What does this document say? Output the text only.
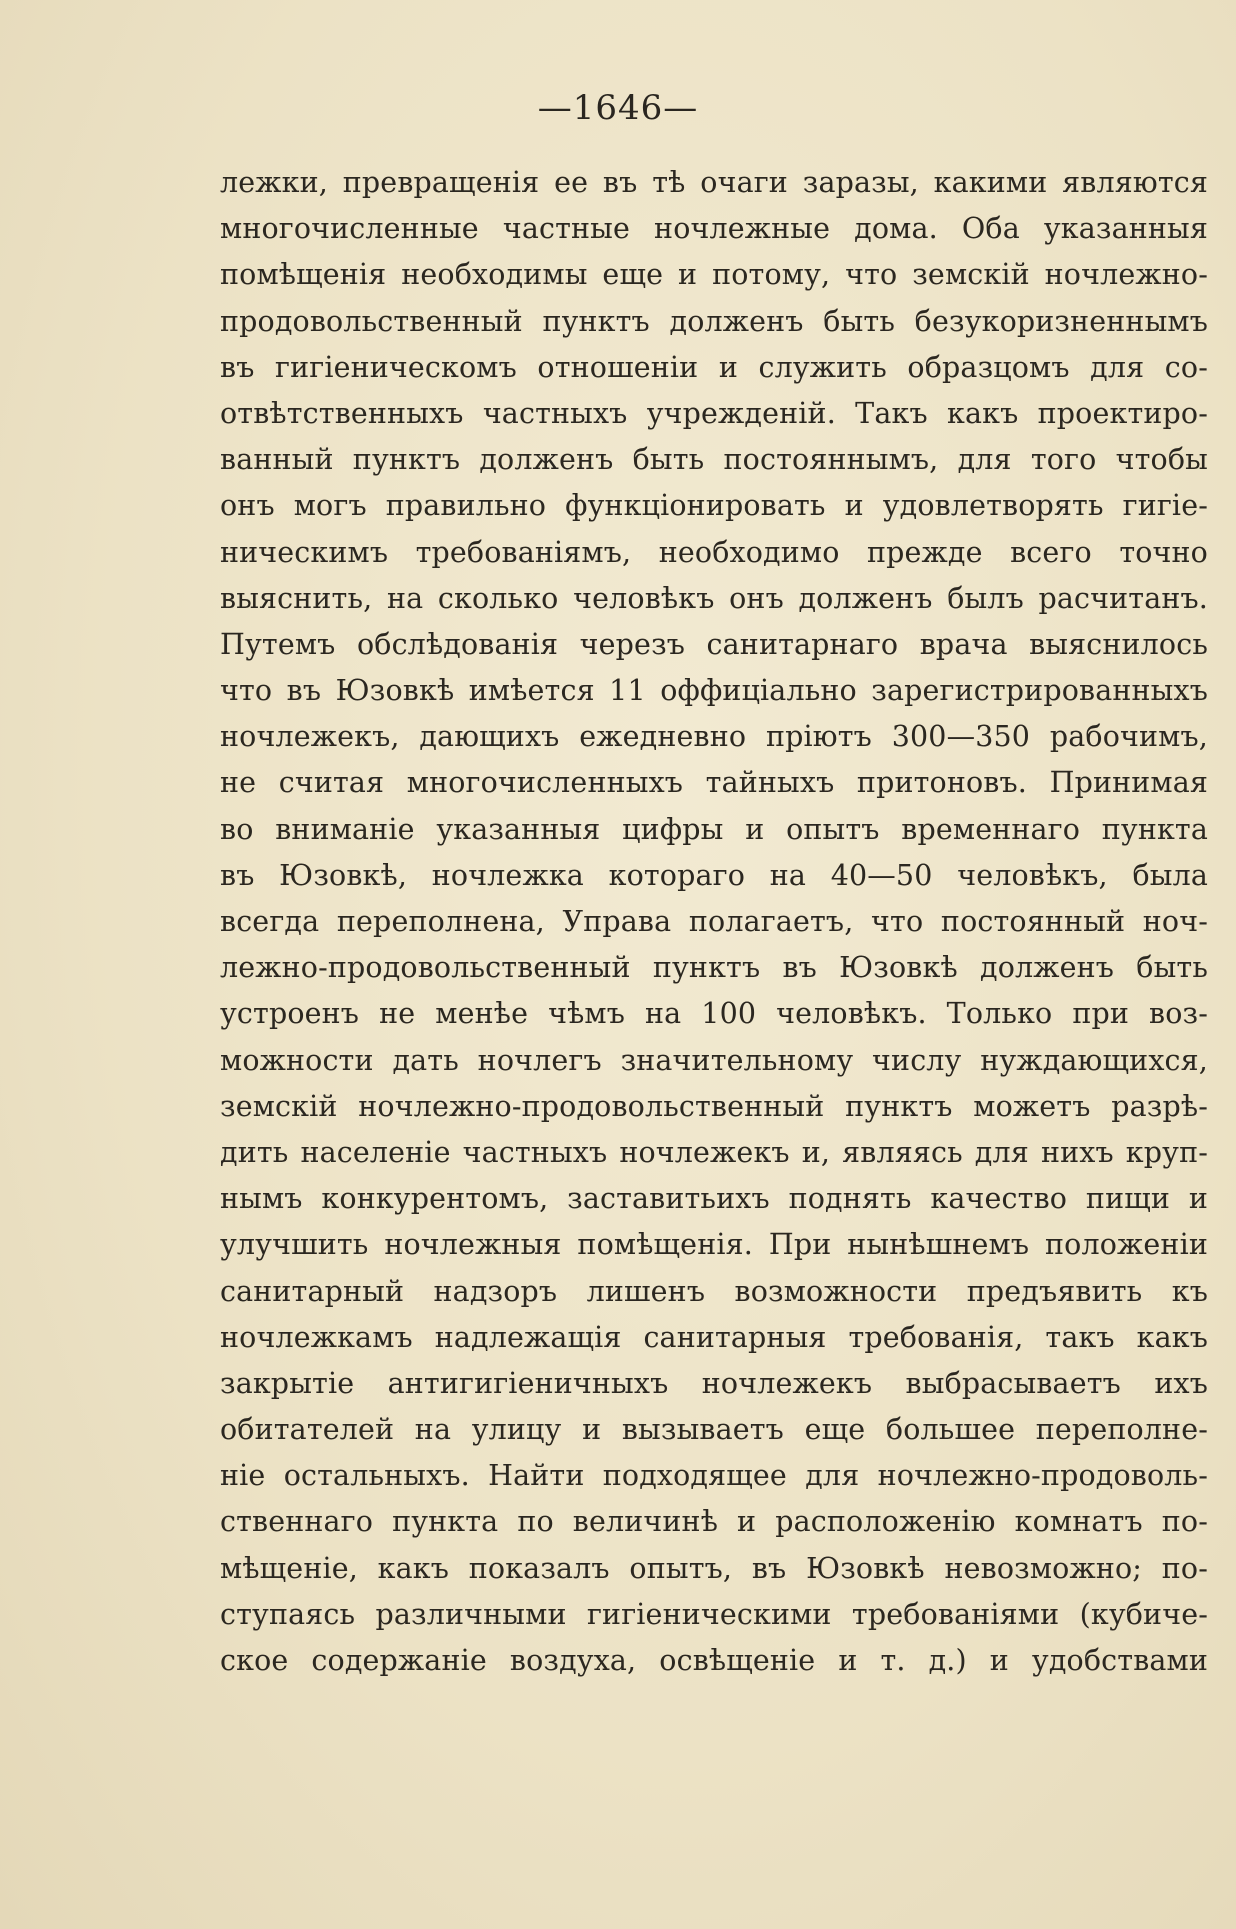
—1646—
лежки, превращенія ее въ тѣ очаги заразы, какими являются
многочисленные частные ночлежные дома. Оба указанныя
помѣщенія необходимы еще и потому, что земскій ночлежно-
продовольственный пунктъ долженъ быть безукоризненнымъ
въ гигіеническомъ отношеніи и служить образцомъ для со-
отвѣтственныхъ частныхъ учрежденій. Такъ какъ проектиро-
ванный пунктъ долженъ быть постояннымъ, для того чтобы
онъ могъ правильно функціонировать и удовлетворять гигіе-
ническимъ требованіямъ, необходимо прежде всего точно
выяснить, на сколько человѣкъ онъ долженъ былъ расчитанъ.
Путемъ обслѣдованія черезъ санитарнаго врача выяснилось
что въ Юзовкѣ имѣется 11 оффиціально зарегистрированныхъ
ночлежекъ, дающихъ ежедневно пріютъ 300—350 рабочимъ,
не считая многочисленныхъ тайныхъ притоновъ. Принимая
во вниманіе указанныя цифры и опытъ временнаго пункта
въ Юзовкѣ, ночлежка котораго на 40—50 человѣкъ, была
всегда переполнена, Управа полагаетъ, что постоянный ноч-
лежно-продовольственный пунктъ въ Юзовкѣ долженъ быть
устроенъ не менѣе чѣмъ на 100 человѣкъ. Только при воз-
можности дать ночлегъ значительному числу нуждающихся,
земскій ночлежно-продовольственный пунктъ можетъ разрѣ-
дить населеніе частныхъ ночлежекъ и, являясь для нихъ круп-
нымъ конкурентомъ, заставитьихъ поднять качество пищи и
улучшить ночлежныя помѣщенія. При нынѣшнемъ положеніи
санитарный надзоръ лишенъ возможности предъявить къ
ночлежкамъ надлежащія санитарныя требованія, такъ какъ
закрытіе антигигіеничныхъ ночлежекъ выбрасываетъ ихъ
обитателей на улицу и вызываетъ еще большее переполне-
ніе остальныхъ. Найти подходящее для ночлежно-продоволь-
ственнаго пункта по величинѣ и расположенію комнатъ по-
мѣщеніе, какъ показалъ опытъ, въ Юзовкѣ невозможно; по-
ступаясь различными гигіеническими требованіями (кубиче-
ское содержаніе воздуха, освѣщеніе и т. д.) и удобствами
